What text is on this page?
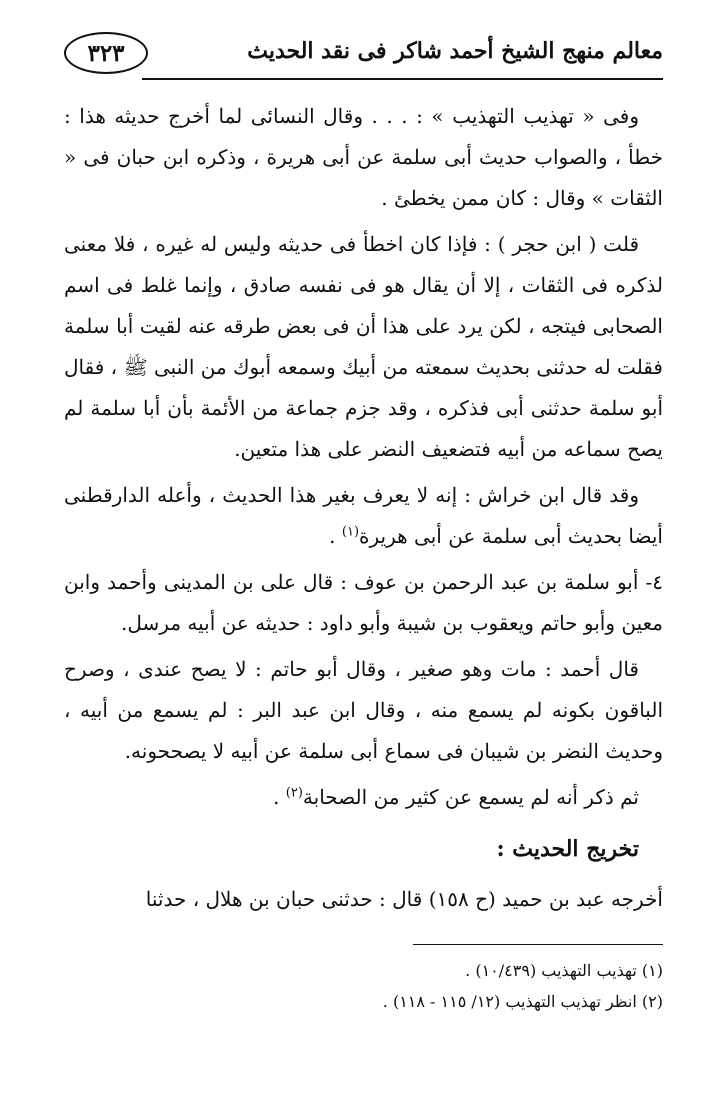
معالم منهج الشيخ أحمد شاكر فى نقد الحديث
٣٢٣

وفى « تهذيب التهذيب » : . . . وقال النسائى لما أخرج حديثه هذا : خطأ ، والصواب حديث أبى سلمة عن أبى هريرة ، وذكره ابن حبان فى « الثقات » وقال : كان ممن يخطئ .

قلت ( ابن حجر ) : فإذا كان اخطأ فى حديثه وليس له غيره ، فلا معنى لذكره فى الثقات ، إلا أن يقال هو فى نفسه صادق ، وإنما غلط فى اسم الصحابى فيتجه ، لكن يرد على هذا أن فى بعض طرقه عنه لقيت أبا سلمة فقلت له حدثنى بحديث سمعته من أبيك وسمعه أبوك من النبى ﷺ ، فقال أبو سلمة حدثنى أبى فذكره ، وقد جزم جماعة من الأئمة بأن أبا سلمة لم يصح سماعه من أبيه فتضعيف النضر على هذا متعين.

وقد قال ابن خراش : إنه لا يعرف بغير هذا الحديث ، وأعله الدارقطنى أيضا بحديث أبى سلمة عن أبى هريرة$^{(١)}$ .

٤- أبو سلمة بن عبد الرحمن بن عوف : قال على بن المدينى وأحمد وابن معين وأبو حاتم ويعقوب بن شيبة وأبو داود : حديثه عن أبيه مرسل.

قال أحمد : مات وهو صغير ، وقال أبو حاتم : لا يصح عندى ، وصرح الباقون بكونه لم يسمع منه ، وقال ابن عبد البر : لم يسمع من أبيه ، وحديث النضر بن شيبان فى سماع أبى سلمة عن أبيه لا يصححونه.

ثم ذكر أنه لم يسمع عن كثير من الصحابة$^{(٢)}$ .

تخريج الحديث :

أخرجه عبد بن حميد (ح ١٥٨) قال : حدثنى حبان بن هلال ، حدثنا

(١) تهذيب التهذيب (١٠/٤٣٩) .

(٢) انظر تهذيب التهذيب (١٢/ ١١٥ - ١١٨) .
